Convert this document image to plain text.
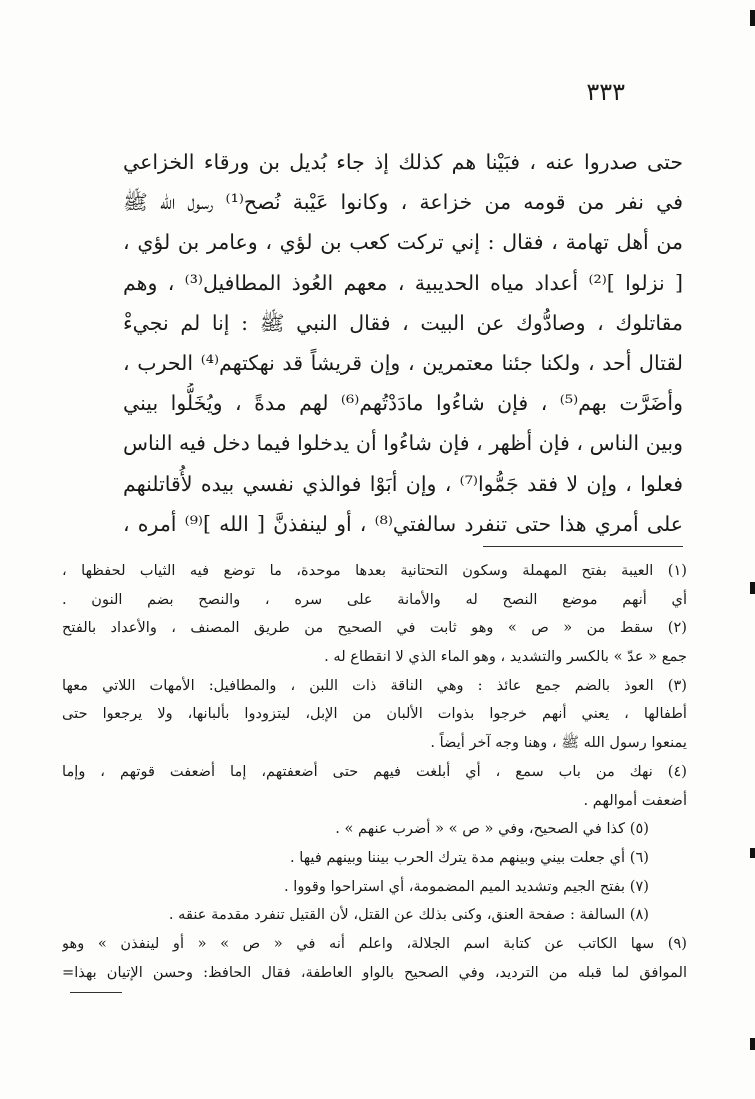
٣٣٣
حتى صدروا عنه ، فبَيْنا هم كذلك إذ جاء بُديل بن ورقاء الخزاعي
في نفر من قومه من خزاعة ، وكانوا عَيْبة نُصح⁽¹⁾ رسول الله ﷺ
من أهل تهامة ، فقال : إني تركت كعب بن لؤي ، وعامر بن لؤي ،
[ نزلوا ]⁽²⁾ أعداد مياه الحديبية ، معهم العُوذ المطافيل⁽³⁾ ، وهم
مقاتلوك ، وصادُّوك عن البيت ، فقال النبي ﷺ : إنا لم نجيءْ
لقتال أحد ، ولكنا جئنا معتمرين ، وإن قريشاً قد نهكتهم⁽⁴⁾ الحرب ،
وأضَرَّت بهم⁽⁵⁾ ، فإن شاءُوا مادَدْتُهم⁽⁶⁾ لهم مدةً ، ويُخَلُّوا بيني
وبين الناس ، فإن أظهر ، فإن شاءُوا أن يدخلوا فيما دخل فيه الناس
فعلوا ، وإن لا فقد جَمُّوا⁽⁷⁾ ، وإن أبَوْا فوالذي نفسي بيده لأُقاتلنهم
على أمري هذا حتى تنفرد سالفتي⁽⁸⁾ ، أو لينفذنَّ [ الله ]⁽⁹⁾ أمره ،
(١) العيبة بفتح المهملة وسكون التحتانية بعدها موحدة، ما توضع فيه الثياب لحفظها ،
أي أنهم موضع النصح له والأمانة على سره ، والنصح بضم النون .
(٢) سقط من « ص » وهو ثابت في الصحيح من طريق المصنف ، والأعداد بالفتح
جمع « عدّ » بالكسر والتشديد ، وهو الماء الذي لا انقطاع له .
(٣) العوذ بالضم جمع عائذ : وهي الناقة ذات اللبن ، والمطافيل: الأمهات اللاتي معها
أطفالها ، يعني أنهم خرجوا بذوات الألبان من الإبل، ليتزودوا بألبانها، ولا يرجعوا حتى
يمنعوا رسول الله ﷺ ، وهنا وجه آخر أيضاً .
(٤) نهك من باب سمع ، أي أبلغت فيهم حتى أضعفتهم، إما أضعفت قوتهم ، وإما
أضعفت أموالهم .
(٥) كذا في الصحيح، وفي « ص » « أضرب عنهم » .
(٦) أي جعلت بيني وبينهم مدة يترك الحرب بيننا وبينهم فيها .
(٧) بفتح الجيم وتشديد الميم المضمومة، أي استراحوا وقووا .
(٨) السالفة : صفحة العنق، وكنى بذلك عن القتل، لأن القتيل تنفرد مقدمة عنقه .
(٩) سها الكاتب عن كتابة اسم الجلالة، واعلم أنه في « ص » « أو لينفذن » وهو
الموافق لما قبله من الترديد، وفي الصحيح بالواو العاطفة، فقال الحافظ: وحسن الإتيان بهذا=
